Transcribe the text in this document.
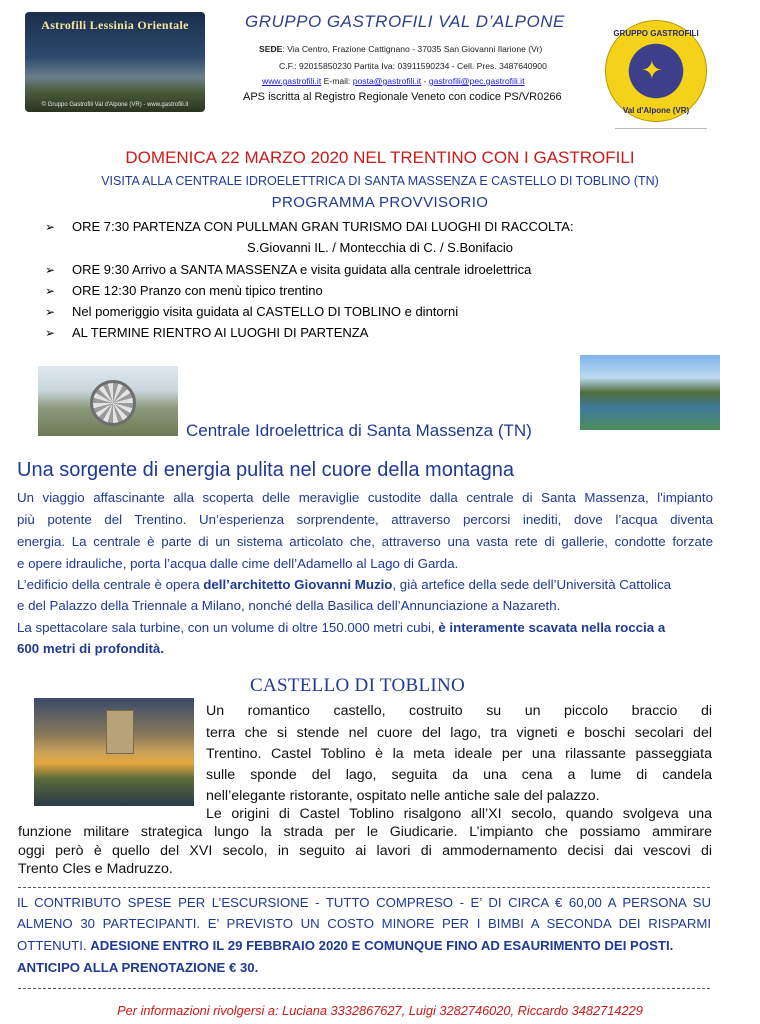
Astrofili Lessinia Orientale
© Gruppo Gastrofili Val d'Alpone (VR) - www.gastrofili.it
GRUPPO GASTROFILI VAL D’ALPONE
SEDE: Via Centro, Frazione Cattignano - 37035 San Giovanni Ilarione (Vr)
C.F.: 92015850230 Partita Iva: 03911590234 - Cell. Pres. 3487640900
www.gastrofili.it E-mail: posta@gastrofili.it - gastrofili@pec.gastrofili.it
APS iscritta al Registro Regionale Veneto con codice PS/VR0266
GRUPPO GASTROFILI
✦
Val d'Alpone (VR)
DOMENICA 22 MARZO 2020 NEL TRENTINO CON I GASTROFILI
VISITA ALLA CENTRALE IDROELETTRICA DI SANTA MASSENZA E CASTELLO DI TOBLINO (TN)
PROGRAMMA PROVVISORIO
➢ ORE 7:30 PARTENZA CON PULLMAN GRAN TURISMO DAI LUOGHI DI RACCOLTA:
S.Giovanni IL. / Montecchia di C. / S.Bonifacio
➢ ORE 9:30 Arrivo a SANTA MASSENZA e visita guidata alla centrale idroelettrica
➢ ORE 12:30 Pranzo con menù tipico trentino
➢ Nel pomeriggio visita guidata al CASTELLO DI TOBLINO e dintorni
➢ AL TERMINE RIENTRO AI LUOGHI DI PARTENZA
Centrale Idroelettrica di Santa Massenza (TN)
Una sorgente di energia pulita nel cuore della montagna
Un viaggio affascinante alla scoperta delle meraviglie custodite dalla centrale di Santa Massenza, l'impianto
più potente del Trentino. Un’esperienza sorprendente, attraverso percorsi inediti, dove l’acqua diventa
energia. La centrale è parte di un sistema articolato che, attraverso una vasta rete di gallerie, condotte forzate
e opere idrauliche, porta l’acqua dalle cime dell’Adamello al Lago di Garda.
L’edificio della centrale è opera dell’architetto Giovanni Muzio, già artefice della sede dell’Università Cattolica
e del Palazzo della Triennale a Milano, nonché della Basilica dell’Annunciazione a Nazareth.
La spettacolare sala turbine, con un volume di oltre 150.000 metri cubi, è interamente scavata nella roccia a
600 metri di profondità.
CASTELLO DI TOBLINO
Un romantico castello, costruito su un piccolo braccio di
terra che si stende nel cuore del lago, tra vigneti e boschi secolari del
Trentino. Castel Toblino è la meta ideale per una rilassante passeggiata
sulle sponde del lago, seguita da una cena a lume di candela
nell’elegante ristorante, ospitato nelle antiche sale del palazzo.
Le origini di Castel Toblino risalgono all’XI secolo, quando svolgeva una
funzione militare strategica lungo la strada per le Giudicarie. L’impianto che possiamo ammirare
oggi però è quello del XVI secolo, in seguito ai lavori di ammodernamento decisi dai vescovi di
Trento Cles e Madruzzo.
IL CONTRIBUTO SPESE PER L’ESCURSIONE - TUTTO COMPRESO - E’ DI CIRCA € 60,00 A PERSONA SU
ALMENO 30 PARTECIPANTI. E’ PREVISTO UN COSTO MINORE PER I BIMBI A SECONDA DEI RISPARMI
OTTENUTI. ADESIONE ENTRO IL 29 FEBBRAIO 2020 E COMUNQUE FINO AD ESAURIMENTO DEI POSTI.
ANTICIPO ALLA PRENOTAZIONE € 30.
Per informazioni rivolgersi a: Luciana 3332867627, Luigi 3282746020, Riccardo 3482714229
